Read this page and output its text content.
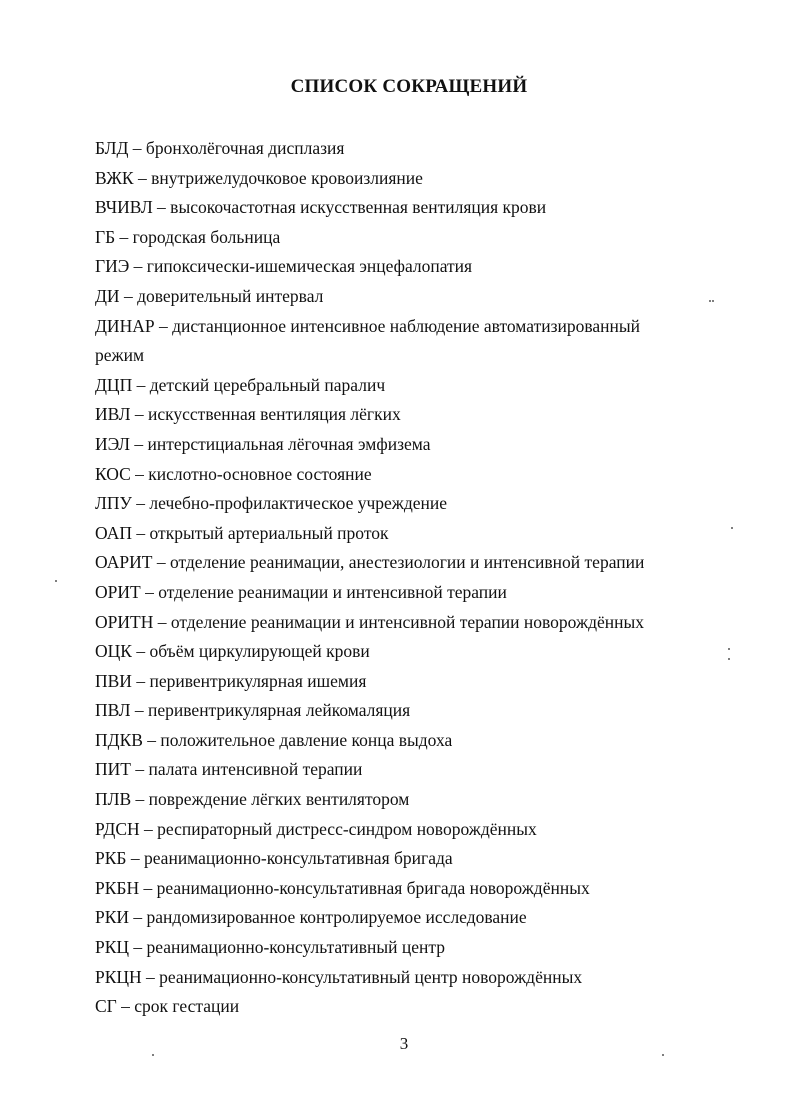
СПИСОК СОКРАЩЕНИЙ
БЛД – бронхолёгочная дисплазия
ВЖК – внутрижелудочковое кровоизлияние
ВЧИВЛ – высокочастотная искусственная вентиляция крови
ГБ – городская больница
ГИЭ – гипоксически-ишемическая энцефалопатия
ДИ – доверительный интервал
ДИНАР – дистанционное интенсивное наблюдение автоматизированный
режим
ДЦП – детский церебральный паралич
ИВЛ – искусственная вентиляция лёгких
ИЭЛ – интерстициальная лёгочная эмфизема
КОС – кислотно-основное состояние
ЛПУ – лечебно-профилактическое учреждение
ОАП – открытый артериальный проток
ОАРИТ – отделение реанимации, анестезиологии и интенсивной терапии
ОРИТ – отделение реанимации и интенсивной терапии
ОРИТН – отделение реанимации и интенсивной терапии новорождённых
ОЦК – объём циркулирующей крови
ПВИ – перивентрикулярная ишемия
ПВЛ – перивентрикулярная лейкомаляция
ПДКВ – положительное давление конца выдоха
ПИТ – палата интенсивной терапии
ПЛВ – повреждение лёгких вентилятором
РДСН – респираторный дистресс-синдром новорождённых
РКБ – реанимационно-консультативная бригада
РКБН – реанимационно-консультативная бригада новорождённых
РКИ – рандомизированное контролируемое исследование
РКЦ – реанимационно-консультативный центр
РКЦН – реанимационно-консультативный центр новорождённых
СГ – срок гестации
3
